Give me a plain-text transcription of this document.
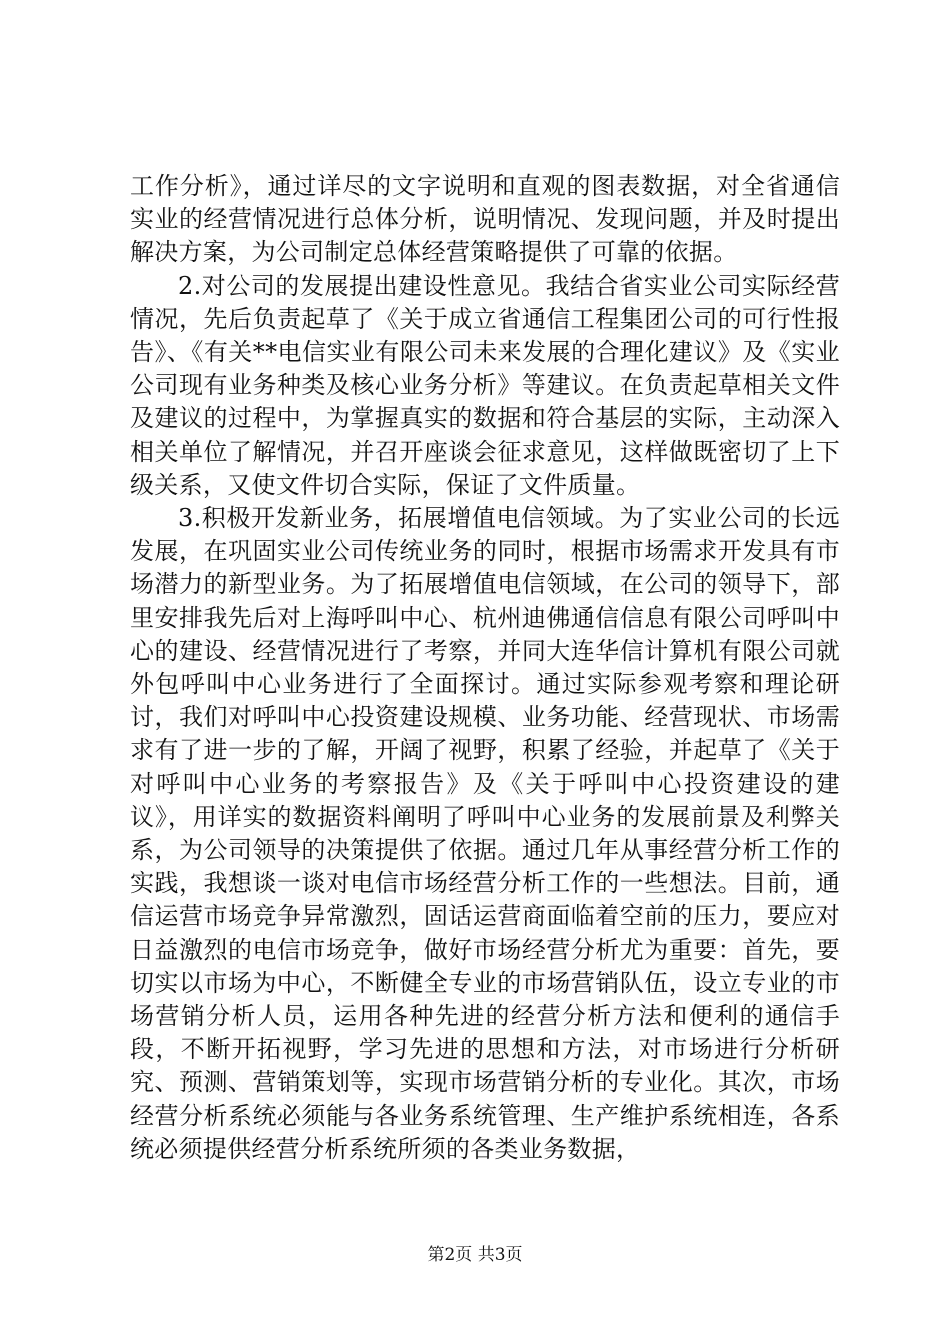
工作分析》，通过详尽的文字说明和直观的图表数据，对全省通信实业的经营情况进行总体分析，说明情况、发现问题，并及时提出解决方案，为公司制定总体经营策略提供了可靠的依据。

2.对公司的发展提出建设性意见。我结合省实业公司实际经营情况，先后负责起草了《关于成立省通信工程集团公司的可行性报告》、《有关**电信实业有限公司未来发展的合理化建议》及《实业公司现有业务种类及核心业务分析》等建议。在负责起草相关文件及建议的过程中，为掌握真实的数据和符合基层的实际，主动深入相关单位了解情况，并召开座谈会征求意见，这样做既密切了上下级关系，又使文件切合实际，保证了文件质量。

3.积极开发新业务，拓展增值电信领域。为了实业公司的长远发展，在巩固实业公司传统业务的同时，根据市场需求开发具有市场潜力的新型业务。为了拓展增值电信领域，在公司的领导下，部里安排我先后对上海呼叫中心、杭州迪佛通信信息有限公司呼叫中心的建设、经营情况进行了考察，并同大连华信计算机有限公司就外包呼叫中心业务进行了全面探讨。通过实际参观考察和理论研讨，我们对呼叫中心投资建设规模、业务功能、经营现状、市场需求有了进一步的了解，开阔了视野，积累了经验，并起草了《关于对呼叫中心业务的考察报告》及《关于呼叫中心投资建设的建议》，用详实的数据资料阐明了呼叫中心业务的发展前景及利弊关系，为公司领导的决策提供了依据。通过几年从事经营分析工作的实践，我想谈一谈对电信市场经营分析工作的一些想法。目前，通信运营市场竞争异常激烈，固话运营商面临着空前的压力，要应对日益激烈的电信市场竞争，做好市场经营分析尤为重要：首先，要切实以市场为中心，不断健全专业的市场营销队伍，设立专业的市场营销分析人员，运用各种先进的经营分析方法和便利的通信手段，不断开拓视野，学习先进的思想和方法，对市场进行分析研究、预测、营销策划等，实现市场营销分析的专业化。其次，市场经营分析系统必须能与各业务系统管理、生产维护系统相连，各系统必须提供经营分析系统所须的各类业务数据，

第2页 共3页
